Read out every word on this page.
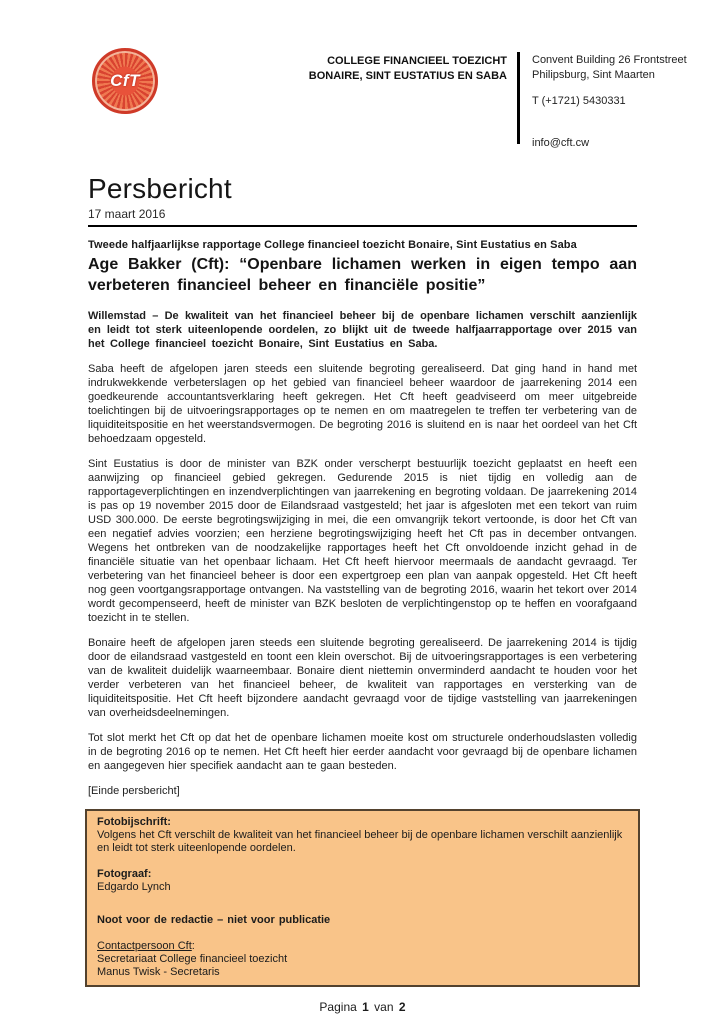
CfT
COLLEGE FINANCIEEL TOEZICHT
BONAIRE, SINT EUSTATIUS EN SABA
Convent Building 26 Frontstreet
Philipsburg, Sint Maarten
T (+1721) 5430331
info@cft.cw
Persbericht
17 maart 2016
Tweede halfjaarlijkse rapportage College financieel toezicht Bonaire, Sint Eustatius en Saba
Age Bakker (Cft): “Openbare lichamen werken in eigen tempo aan verbeteren financieel beheer en financiële positie”

Willemstad – De kwaliteit van het financieel beheer bij de openbare lichamen verschilt aanzienlijk en leidt tot sterk uiteenlopende oordelen, zo blijkt uit de tweede halfjaarrapportage over 2015 van het College financieel toezicht Bonaire, Sint Eustatius en Saba.

Saba heeft de afgelopen jaren steeds een sluitende begroting gerealiseerd. Dat ging hand in hand met indrukwekkende verbeterslagen op het gebied van financieel beheer waardoor de jaarrekening 2014 een goedkeurende accountantsverklaring heeft gekregen. Het Cft heeft geadviseerd om meer uitgebreide toelichtingen bij de uitvoeringsrapportages op te nemen en om maatregelen te treffen ter verbetering van de liquiditeitspositie en het weerstandsvermogen. De begroting 2016 is sluitend en is naar het oordeel van het Cft behoedzaam opgesteld.

Sint Eustatius is door de minister van BZK onder verscherpt bestuurlijk toezicht geplaatst en heeft een aanwijzing op financieel gebied gekregen. Gedurende 2015 is niet tijdig en volledig aan de rapportageverplichtingen en inzendverplichtingen van jaarrekening en begroting voldaan. De jaarrekening 2014 is pas op 19 november 2015 door de Eilandsraad vastgesteld; het jaar is afgesloten met een tekort van ruim USD 300.000. De eerste begrotingswijziging in mei, die een omvangrijk tekort vertoonde, is door het Cft van een negatief advies voorzien; een herziene begrotingswijziging heeft het Cft pas in december ontvangen. Wegens het ontbreken van de noodzakelijke rapportages heeft het Cft onvoldoende inzicht gehad in de financiële situatie van het openbaar lichaam. Het Cft heeft hiervoor meermaals de aandacht gevraagd. Ter verbetering van het financieel beheer is door een expertgroep een plan van aanpak opgesteld. Het Cft heeft nog geen voortgangsrapportage ontvangen. Na vaststelling van de begroting 2016, waarin het tekort over 2014 wordt gecompenseerd, heeft de minister van BZK besloten de verplichtingenstop op te heffen en voorafgaand toezicht in te stellen.

Bonaire heeft de afgelopen jaren steeds een sluitende begroting gerealiseerd. De jaarrekening 2014 is tijdig door de eilandsraad vastgesteld en toont een klein overschot. Bij de uitvoeringsrapportages is een verbetering van de kwaliteit duidelijk waarneembaar. Bonaire dient niettemin onverminderd aandacht te houden voor het verder verbeteren van het financieel beheer, de kwaliteit van rapportages en versterking van de liquiditeitspositie. Het Cft heeft bijzondere aandacht gevraagd voor de tijdige vaststelling van jaarrekeningen van overheidsdeelnemingen.

Tot slot merkt het Cft op dat het de openbare lichamen moeite kost om structurele onderhoudslasten volledig in de begroting 2016 op te nemen. Het Cft heeft hier eerder aandacht voor gevraagd bij de openbare lichamen en aangegeven hier specifiek aandacht aan te gaan besteden.

[Einde persbericht]
Fotobijschrift:
Volgens het Cft verschilt de kwaliteit van het financieel beheer bij de openbare lichamen verschilt aanzienlijk en leidt tot sterk uiteenlopende oordelen.
Fotograaf:
Edgardo Lynch
Noot voor de redactie – niet voor publicatie
Contactpersoon Cft:
Secretariaat College financieel toezicht
Manus Twisk - Secretaris
Pagina 1 van 2
